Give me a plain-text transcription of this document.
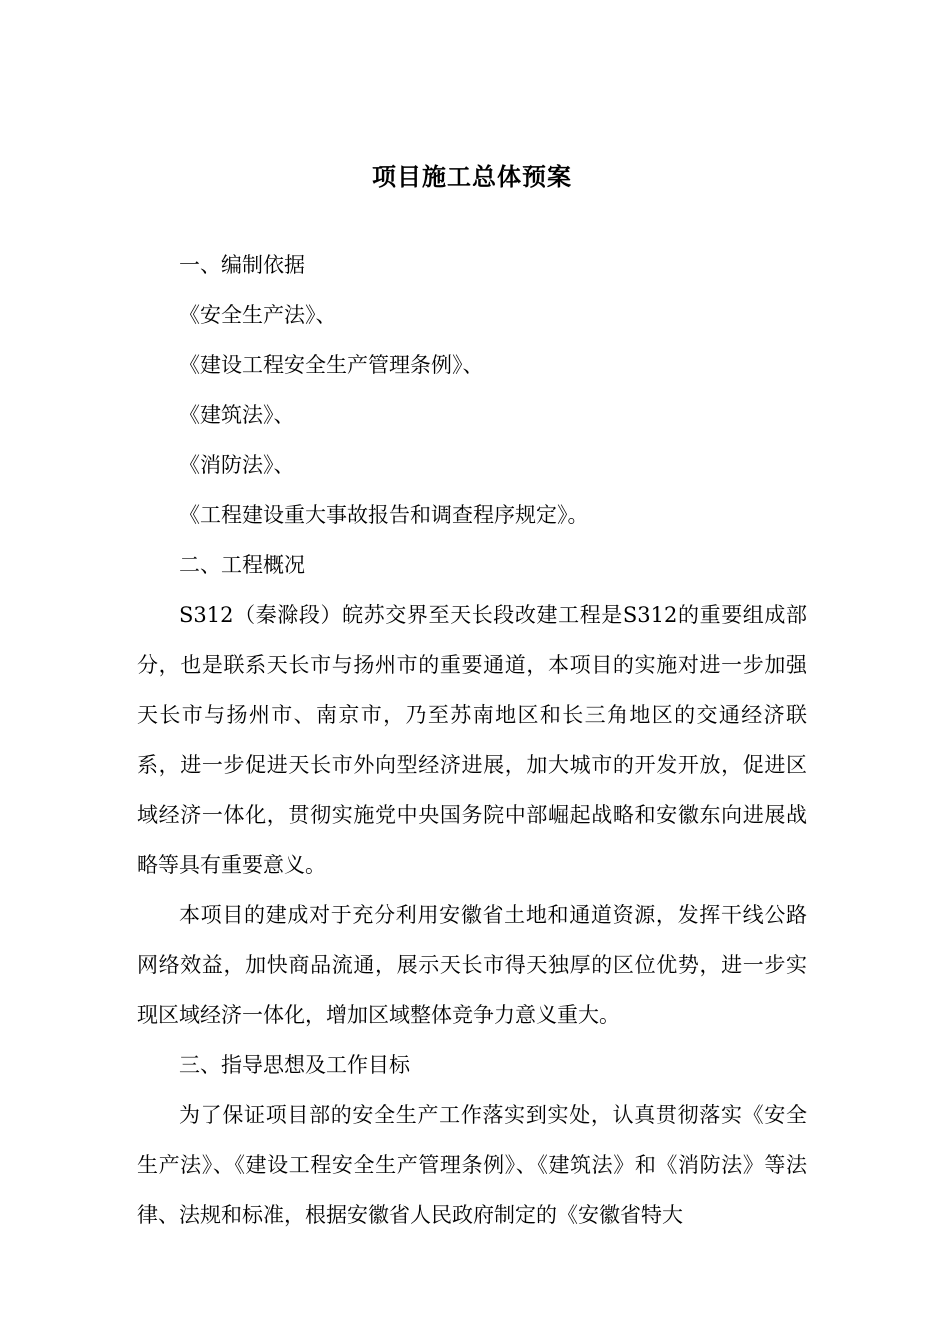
项目施工总体预案

一、编制依据

《安全生产法》、

《建设工程安全生产管理条例》、

《建筑法》、

《消防法》、

《工程建设重大事故报告和调查程序规定》。

二、工程概况

S312（秦滁段）皖苏交界至天长段改建工程是S312的重要组成部分，也是联系天长市与扬州市的重要通道，本项目的实施对进一步加强天长市与扬州市、南京市，乃至苏南地区和长三角地区的交通经济联系，进一步促进天长市外向型经济进展，加大城市的开发开放，促进区域经济一体化，贯彻实施党中央国务院中部崛起战略和安徽东向进展战略等具有重要意义。

本项目的建成对于充分利用安徽省土地和通道资源，发挥干线公路网络效益，加快商品流通，展示天长市得天独厚的区位优势，进一步实现区域经济一体化，增加区域整体竞争力意义重大。

三、指导思想及工作目标

为了保证项目部的安全生产工作落实到实处，认真贯彻落实《安全生产法》、《建设工程安全生产管理条例》、《建筑法》和《消防法》等法律、法规和标准，根据安徽省人民政府制定的《安徽省特大
